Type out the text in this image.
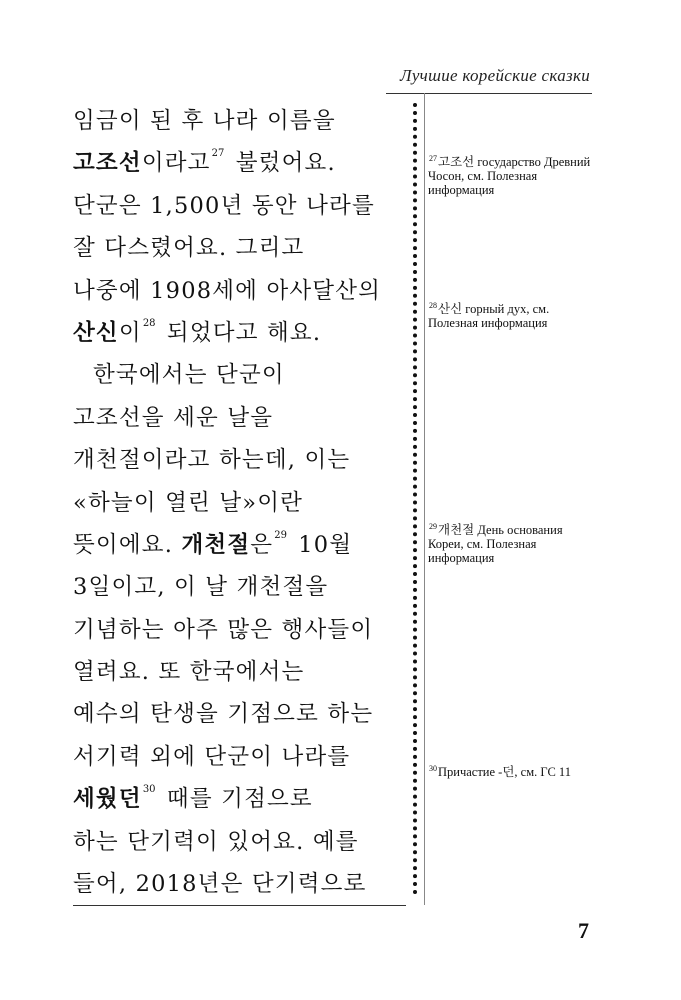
Лучшие корейские сказки
임금이 된 후 나라 이름을
고조선이라고$^{27}$ 불렀어요.
단군은 1,500년 동안 나라를
잘 다스렸어요. 그리고
나중에 1908세에 아사달산의
산신이$^{28}$ 되었다고 해요.
한국에서는 단군이
고조선을 세운 날을
개천절이라고 하는데, 이는
«하늘이 열린 날»이란
뜻이에요. 개천절은$^{29}$ 10월
3일이고, 이 날 개천절을
기념하는 아주 많은 행사들이
열려요. 또 한국에서는
예수의 탄생을 기점으로 하는
서기력 외에 단군이 나라를
세웠던$^{30}$ 때를 기점으로
하는 단기력이 있어요. 예를
들어, 2018년은 단기력으로
$^{27}$고조선 государство Древний Чосон, см. Полезная информация
$^{28}$산신 горный дух, см. Полезная информация
$^{29}$개천절 День основания Кореи, см. Полезная информация
$^{30}$Причастие -던, см. ГС 11
7
